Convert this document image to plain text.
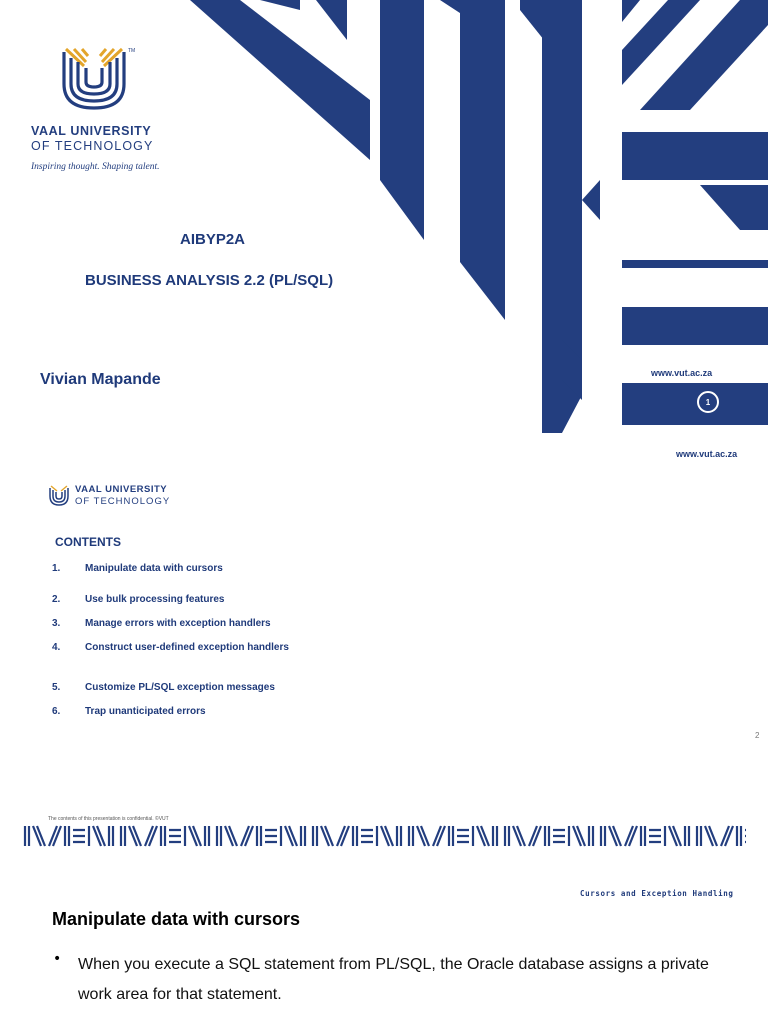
TM
VAAL UNIVERSITY
OF TECHNOLOGY
Inspiring thought. Shaping talent.
AIBYP2A
BUSINESS ANALYSIS 2.2 (PL/SQL)
Vivian Mapande	www.vut.ac.za
1
www.vut.ac.za
VAAL UNIVERSITY
OF TECHNOLOGY
CONTENTS
1. Manipulate data with cursors
2. Use bulk processing features
3. Manage errors with exception handlers
4. Construct user-defined exception handlers
5. Customize PL/SQL exception messages
6. Trap unanticipated errors
2
The contents of this presentation is confidential. ©VUT
Cursors and Exception Handling
Manipulate data with cursors
• When you execute a SQL statement from PL/SQL, the Oracle database assigns a private work area for that statement.
